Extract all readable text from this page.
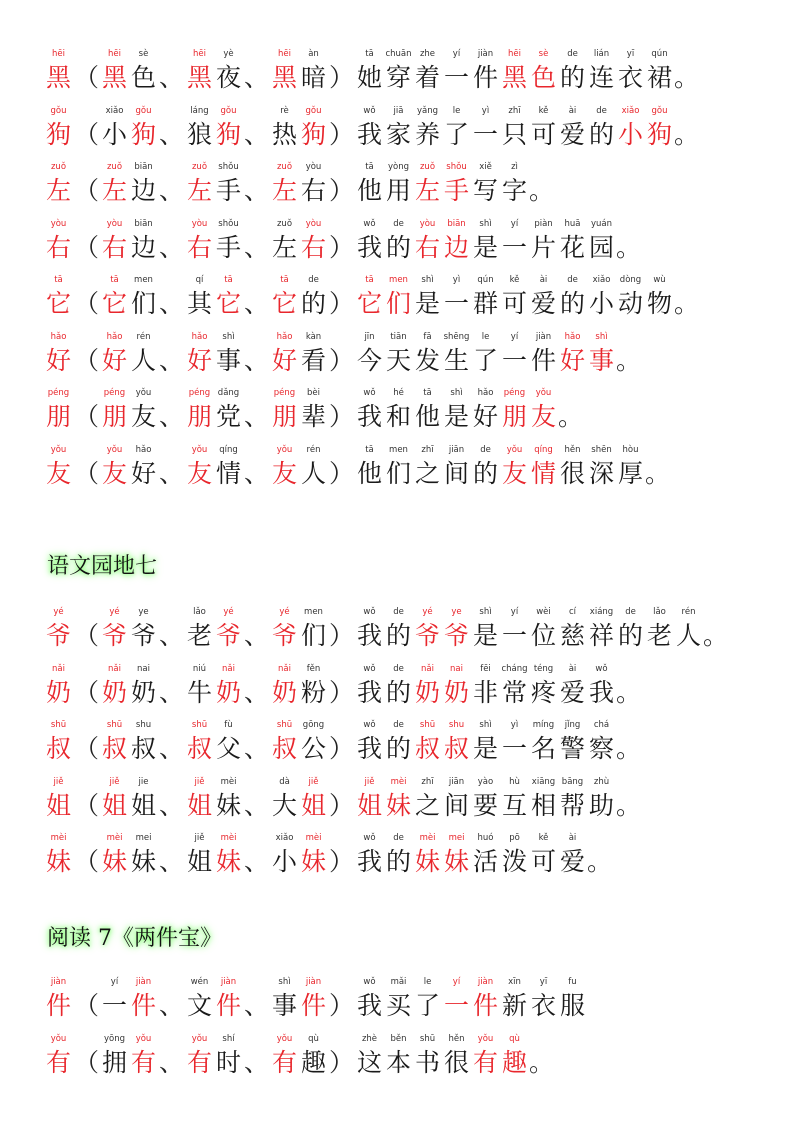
hēi
黑 （
hēi
黑
sè
色 、
hēi
黑
yè
夜 、
hēi
黑
àn
暗 ）
tā
她
chuān
穿
zhe
着
yí
一
jiàn
件
hēi
黑
sè
色
de
的
lián
连
yī
衣
qún
裙 。
gǒu
狗 （
xiǎo
小
gǒu
狗 、
láng
狼
gǒu
狗 、
rè
热
gǒu
狗 ）
wǒ
我
jiā
家
yǎng
养
le
了
yì
一
zhī
只
kě
可
ài
爱
de
的
xiǎo
小
gǒu
狗 。
zuǒ
左 （
zuǒ
左
biān
边 、
zuǒ
左
shǒu
手 、
zuǒ
左
yòu
右 ）
tā
他
yòng
用
zuǒ
左
shǒu
手
xiě
写
zì
字 。
yòu
右 （
yòu
右
biān
边 、
yòu
右
shǒu
手 、
zuǒ
左
yòu
右 ）
wǒ
我
de
的
yòu
右
biān
边
shì
是
yí
一
piàn
片
huā
花
yuán
园 。
tā
它 （
tā
它
men
们 、
qí
其
tā
它 、
tā
它
de
的 ）
tā
它
men
们
shì
是
yì
一
qún
群
kě
可
ài
爱
de
的
xiǎo
小
dòng
动
wù
物 。
hǎo
好 （
hǎo
好
rén
人 、
hǎo
好
shì
事 、
hǎo
好
kàn
看 ）
jīn
今
tiān
天
fā
发
shēng
生
le
了
yí
一
jiàn
件
hǎo
好
shì
事 。
péng
朋 （
péng
朋
yǒu
友 、
péng
朋
dǎng
党 、
péng
朋
bèi
辈 ）
wǒ
我
hé
和
tā
他
shì
是
hǎo
好
péng
朋
yǒu
友 。
yǒu
友 （
yǒu
友
hǎo
好 、
yǒu
友
qíng
情 、
yǒu
友
rén
人 ）
tā
他
men
们
zhī
之
jiān
间
de
的
yǒu
友
qíng
情
hěn
很
shēn
深
hòu
厚 。
语文园地七
yé
爷 （
yé
爷
ye
爷 、
lǎo
老
yé
爷 、
yé
爷
men
们 ）
wǒ
我
de
的
yé
爷
ye
爷
shì
是
yí
一
wèi
位
cí
慈
xiáng
祥
de
的
lǎo
老
rén
人 。
nǎi
奶 （
nǎi
奶
nai
奶 、
niú
牛
nǎi
奶 、
nǎi
奶
fěn
粉 ）
wǒ
我
de
的
nǎi
奶
nai
奶
fēi
非
cháng
常
téng
疼
ài
爱
wǒ
我 。
shū
叔 （
shū
叔
shu
叔 、
shū
叔
fù
父 、
shū
叔
gōng
公 ）
wǒ
我
de
的
shū
叔
shu
叔
shì
是
yì
一
míng
名
jǐng
警
chá
察 。
jiě
姐 （
jiě
姐
jie
姐 、
jiě
姐
mèi
妹 、
dà
大
jiě
姐 ）
jiě
姐
mèi
妹
zhī
之
jiān
间
yào
要
hù
互
xiāng
相
bāng
帮
zhù
助 。
mèi
妹 （
mèi
妹
mei
妹 、
jiě
姐
mèi
妹 、
xiǎo
小
mèi
妹 ）
wǒ
我
de
的
mèi
妹
mei
妹
huó
活
pō
泼
kě
可
ài
爱 。
阅读 7《两件宝》
jiàn
件 （
yí
一
jiàn
件 、
wén
文
jiàn
件 、
shì
事
jiàn
件 ）
wǒ
我
mǎi
买
le
了
yí
一
jiàn
件
xīn
新
yī
衣
fu
服
yǒu
有 （
yōng
拥
yǒu
有 、
yǒu
有
shí
时 、
yǒu
有
qù
趣 ）
zhè
这
běn
本
shū
书
hěn
很
yǒu
有
qù
趣 。
